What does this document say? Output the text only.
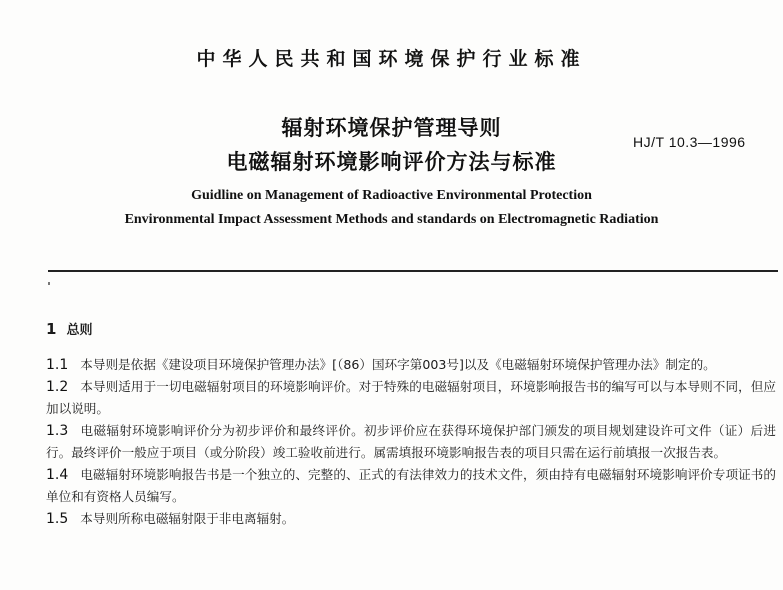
中华人民共和国环境保护行业标准
辐射环境保护管理导则
电磁辐射环境影响评价方法与标准
HJ/T 10.3—1996
Guidline on Management of Radioactive Environmental Protection
Environmental Impact Assessment Methods and standards on Electromagnetic Radiation
1 总则

1.1 本导则是依据《建设项目环境保护管理办法》[（86）国环字第003号]以及《电磁辐射环境保护管理办法》制定的。

1.2 本导则适用于一切电磁辐射项目的环境影响评价。对于特殊的电磁辐射项目，环境影响报告书的编写可以与本导则不同，但应加以说明。

1.3 电磁辐射环境影响评价分为初步评价和最终评价。初步评价应在获得环境保护部门颁发的项目规划建设许可文件（证）后进行。最终评价一般应于项目（或分阶段）竣工验收前进行。属需填报环境影响报告表的项目只需在运行前填报一次报告表。

1.4 电磁辐射环境影响报告书是一个独立的、完整的、正式的有法律效力的技术文件，须由持有电磁辐射环境影响评价专项证书的单位和有资格人员编写。

1.5 本导则所称电磁辐射限于非电离辐射。
